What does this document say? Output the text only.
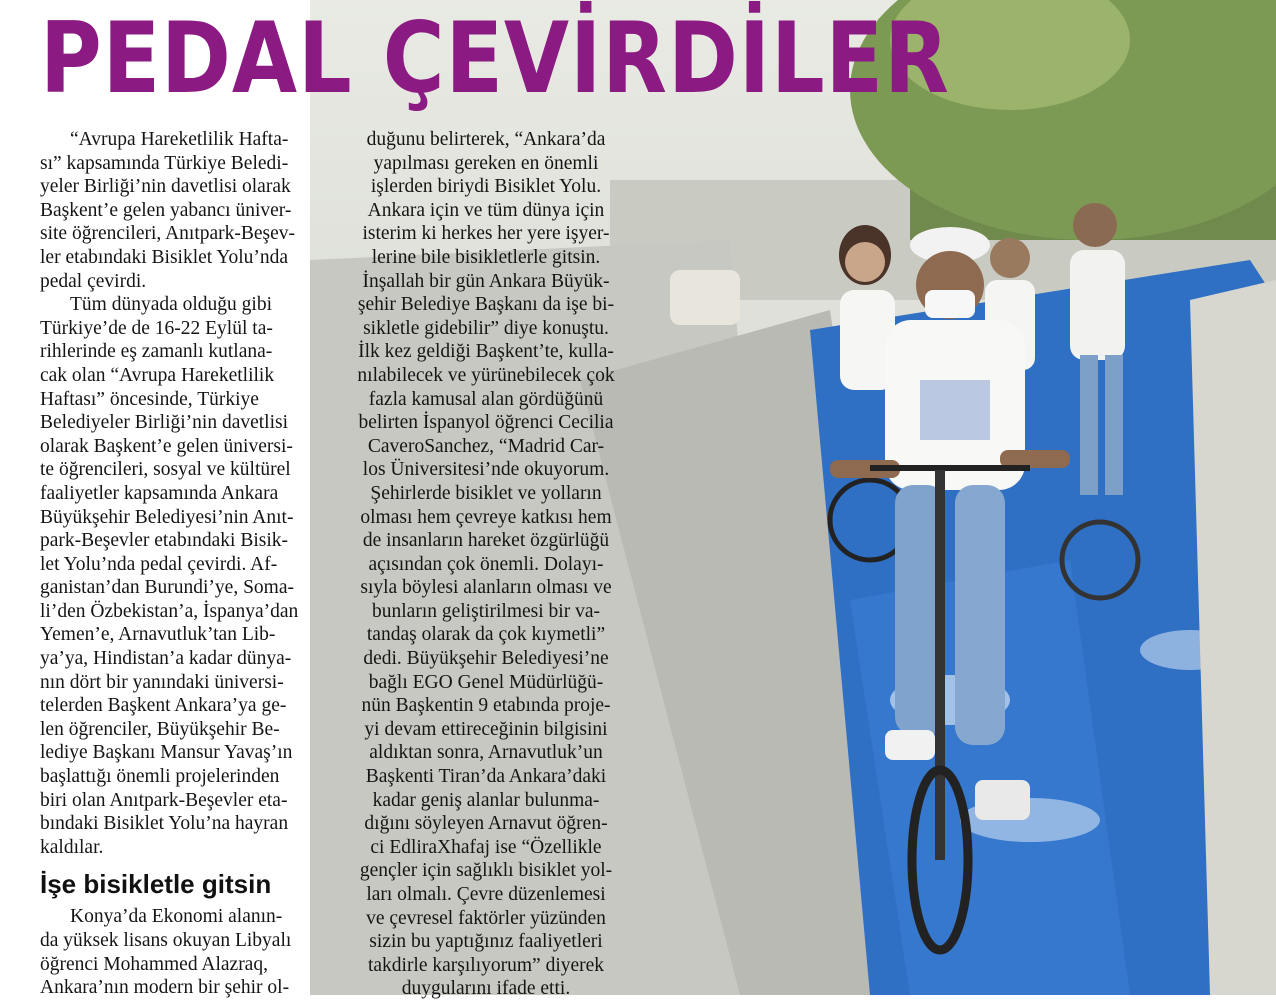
PEDAL ÇEVİRDİLER

“Avrupa Hareketlilik Hafta-
sı” kapsamında Türkiye Beledi-
yeler Birliği’nin davetlisi olarak
Başkent’e gelen yabancı üniver-
site öğrencileri, Anıtpark-Beşev-
ler etabındaki Bisiklet Yolu’nda
pedal çevirdi.

Tüm dünyada olduğu gibi
Türkiye’de de 16-22 Eylül ta-
rihlerinde eş zamanlı kutlana-
cak olan “Avrupa Hareketlilik
Haftası” öncesinde, Türkiye
Belediyeler Birliği’nin davetlisi
olarak Başkent’e gelen üniversi-
te öğrencileri, sosyal ve kültürel
faaliyetler kapsamında Ankara
Büyükşehir Belediyesi’nin Anıt-
park-Beşevler etabındaki Bisik-
let Yolu’nda pedal çevirdi. Af-
ganistan’dan Burundi’ye, Soma-
li’den Özbekistan’a, İspanya’dan
Yemen’e, Arnavutluk’tan Lib-
ya’ya, Hindistan’a kadar dünya-
nın dört bir yanındaki üniversi-
telerden Başkent Ankara’ya ge-
len öğrenciler, Büyükşehir Be-
lediye Başkanı Mansur Yavaş’ın
başlattığı önemli projelerinden
biri olan Anıtpark-Beşevler eta-
bındaki Bisiklet Yolu’na hayran
kaldılar.

İşe bisikletle gitsin

Konya’da Ekonomi alanın-
da yüksek lisans okuyan Libyalı
öğrenci Mohammed Alazraq,
Ankara’nın modern bir şehir ol-

duğunu belirterek, “Ankara’da
yapılması gereken en önemli
işlerden biriydi Bisiklet Yolu.
Ankara için ve tüm dünya için
isterim ki herkes her yere işyer-
lerine bile bisikletlerle gitsin.
İnşallah bir gün Ankara Büyük-
şehir Belediye Başkanı da işe bi-
sikletle gidebilir” diye konuştu.
İlk kez geldiği Başkent’te, kulla-
nılabilecek ve yürünebilecek çok
fazla kamusal alan gördüğünü
belirten İspanyol öğrenci Cecilia
CaveroSanchez, “Madrid Car-
los Üniversitesi’nde okuyorum.
Şehirlerde bisiklet ve yolların
olması hem çevreye katkısı hem
de insanların hareket özgürlüğü
açısından çok önemli. Dolayı-
sıyla böylesi alanların olması ve
bunların geliştirilmesi bir va-
tandaş olarak da çok kıymetli”
dedi. Büyükşehir Belediyesi’ne
bağlı EGO Genel Müdürlüğü-
nün Başkentin 9 etabında proje-
yi devam ettireceğinin bilgisini
aldıktan sonra, Arnavutluk’un
Başkenti Tiran’da Ankara’daki
kadar geniş alanlar bulunma-
dığını söyleyen Arnavut öğren-
ci EdliraXhafaj ise “Özellikle
gençler için sağlıklı bisiklet yol-
ları olmalı. Çevre düzenlemesi
ve çevresel faktörler yüzünden
sizin bu yaptığınız faaliyetleri
takdirle karşılıyorum” diyerek
duygularını ifade etti.
